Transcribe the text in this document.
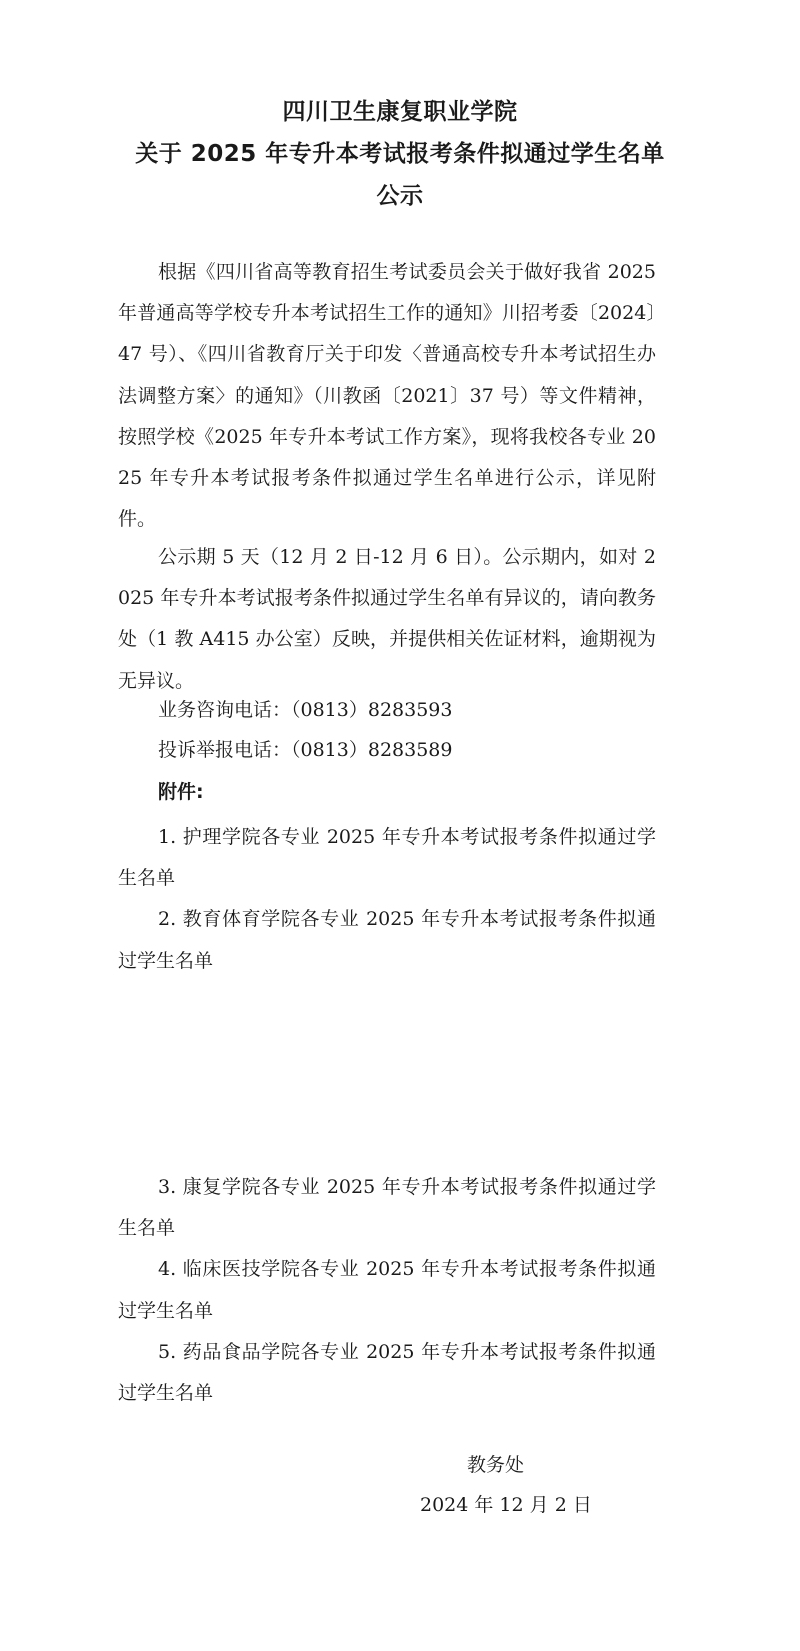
四川卫生康复职业学院
关于 2025 年专升本考试报考条件拟通过学生名单
公示

根据《四川省高等教育招生考试委员会关于做好我省 2025 年普通高等学校专升本考试招生工作的通知》川招考委〔2024〕47 号）、《四川省教育厅关于印发〈普通高校专升本考试招生办法调整方案〉的通知》（川教函〔2021〕37 号）等文件精神，按照学校《2025 年专升本考试工作方案》，现将我校各专业 2025 年专升本考试报考条件拟通过学生名单进行公示，详见附件。

公示期 5 天（12 月 2 日-12 月 6 日）。公示期内，如对 2025 年专升本考试报考条件拟通过学生名单有异议的，请向教务处（1 教 A415 办公室）反映，并提供相关佐证材料，逾期视为无异议。

业务咨询电话：（0813）8283593
投诉举报电话：（0813）8283589
附件:

1. 护理学院各专业 2025 年专升本考试报考条件拟通过学生名单

2. 教育体育学院各专业 2025 年专升本考试报考条件拟通过学生名单

3. 康复学院各专业 2025 年专升本考试报考条件拟通过学生名单

4. 临床医技学院各专业 2025 年专升本考试报考条件拟通过学生名单

5. 药品食品学院各专业 2025 年专升本考试报考条件拟通过学生名单

教务处
2024 年 12 月 2 日
